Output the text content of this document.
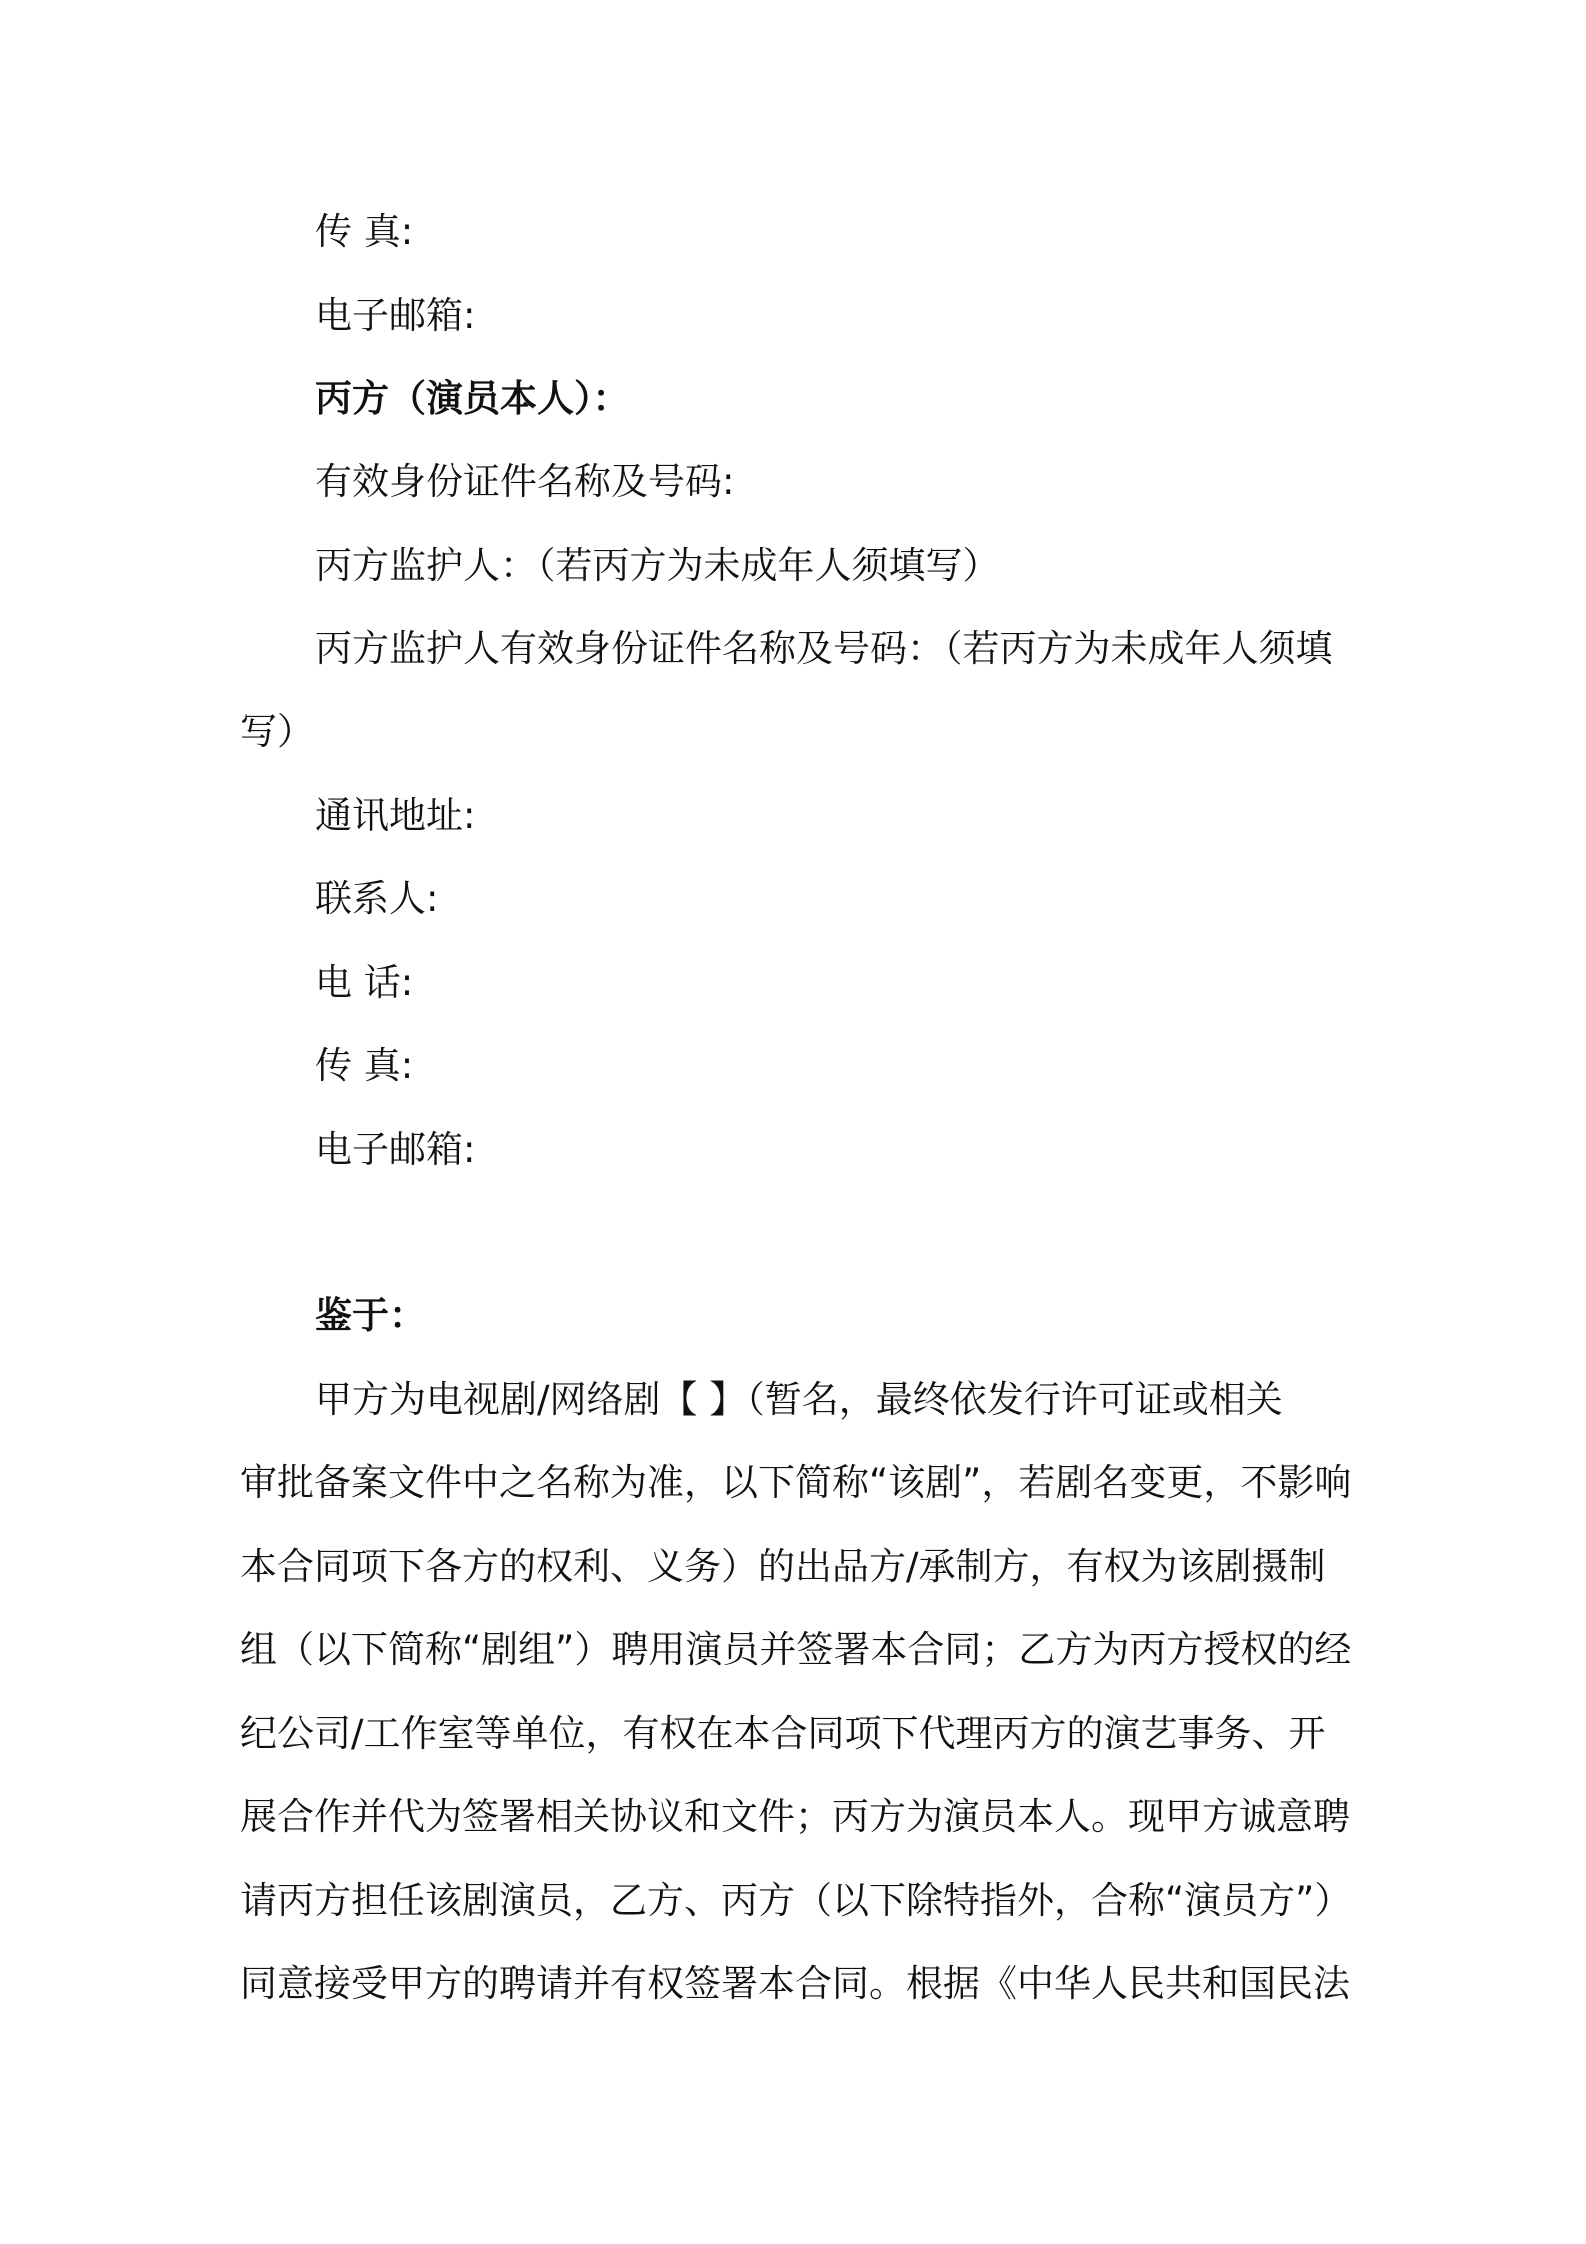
传 真:
电子邮箱:
丙方（演员本人）：
有效身份证件名称及号码:
丙方监护人：（若丙方为未成年人须填写）
丙方监护人有效身份证件名称及号码：（若丙方为未成年人须填
写）
通讯地址:
联系人:
电 话:
传 真:
电子邮箱:
鉴于：
甲方为电视剧/网络剧【 】（暂名，最终依发行许可证或相关
审批备案文件中之名称为准，以下简称“该剧”，若剧名变更，不影响
本合同项下各方的权利、义务）的出品方/承制方，有权为该剧摄制
组（以下简称“剧组”）聘用演员并签署本合同；乙方为丙方授权的经
纪公司/工作室等单位，有权在本合同项下代理丙方的演艺事务、开
展合作并代为签署相关协议和文件；丙方为演员本人。现甲方诚意聘
请丙方担任该剧演员，乙方、丙方（以下除特指外，合称“演员方”）
同意接受甲方的聘请并有权签署本合同。根据《中华人民共和国民法
